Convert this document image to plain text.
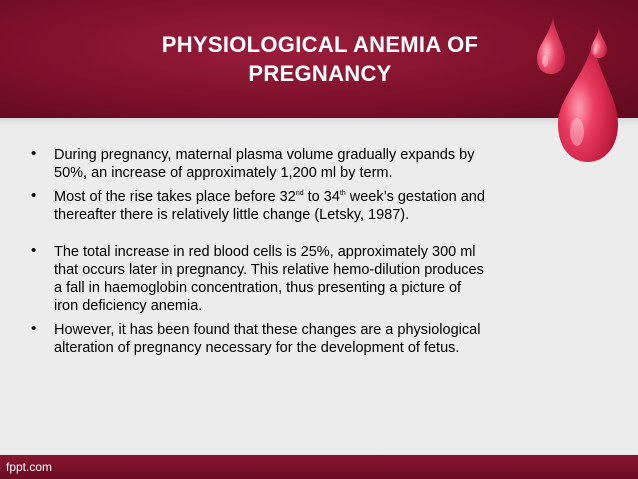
PHYSIOLOGICAL ANEMIA OF
PREGNANCY
• During pregnancy, maternal plasma volume gradually expands by
50%, an increase of approximately 1,200 ml by term.
• Most of the rise takes place before 32nd to 34th week’s gestation and
thereafter there is relatively little change (Letsky, 1987).
• The total increase in red blood cells is 25%, approximately 300 ml
that occurs later in pregnancy. This relative hemo-dilution produces
a fall in haemoglobin concentration, thus presenting a picture of
iron deficiency anemia.
• However, it has been found that these changes are a physiological
alteration of pregnancy necessary for the development of fetus.
fppt.com
